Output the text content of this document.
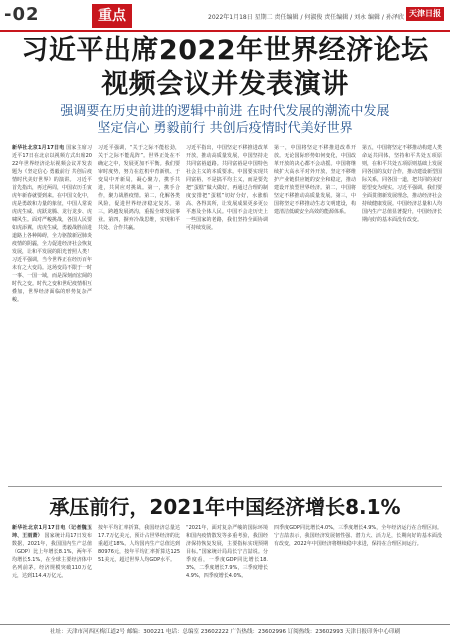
-02	重点	2022年1月18日 星期二 责任编辑 / 何淑俊 责任编辑 / 刘永 编辑 / 孙泽欣 天津日报
习近平出席2022年世界经济论坛
视频会议并发表演讲
强调要在历史前进的逻辑中前进 在时代发展的潮流中发展
坚定信心 勇毅前行 共创后疫情时代美好世界
新华社北京1月17日电 国家主席习近平17日在北京以视频方式出席2022年世界经济论坛视频会议并发表题为《坚定信心 勇毅前行 共创后疫情时代美好世界》的演讲。 习近平首先指出，再过两周，中国农历壬寅虎年新春就要到来。在中国文化中，虎是勇敢和力量的象征，中国人常说虎虎生威、虎跃龙腾、龙行龙步、虎啸风生。面对严峻挑战，各国人民要如虎添翼，虎虎生威，勇毅战胜前进道路上各种障碍，全力驱散新冠肺炎疫情的阴霾，全力促进经济社会恢复发展，让和平发展的阳光普照人类！习近平强调，当今世界正在经历百年未有之大变局。这场变局不限于一时一事、一国一域，而是深刻而宏阔的时代之变。时代之变和世纪疫情相互叠加，世界经济面临的形势复杂严峻。
习近平强调，“关于之际不能松劲，关于之际不能乱阵”。世界正处在不确定之中，发展更加不平衡。我们要审时度势，努力在危机中育新机、于变局中开新局，凝心聚力，携手共进，共同应对挑战。第一，携手合作，聚力战胜疫情。第二，化解各类风险，促进世界经济稳定复苏。第三，跨越发展鸿沟，重振全球发展事业。第四，摒弃冷战思维，实现和平共处、合作共赢。
习近平指出，中国坚定不移推进改革开放，推动高质量发展，中国坚持走共同富裕道路。共同富裕是中国特色社会主义的本质要求。中国要实现共同富裕，不是搞平均主义，而是要先把“蛋糕”做大做好，再通过合理的制度安排把“蛋糕”切好分好，水涨船高、各得其所，让发展成果更多更公平惠及全体人民。中国不会走历史上一些国家的老路，我们坚持全面协调可持续发展。
第一，中国将坚定不移推进改革开放。无论国际形势如何变化，中国改革开放的决心都不会动摇。中国将继续扩大高水平对外开放，坚定不移维护产业链供应链的安全和稳定，推动建设开放型世界经济。第二，中国将坚定不移推动高质量发展。第三，中国将坚定不移推动生态文明建设，构建清洁低碳安全高效的能源体系。
第五，中国将坚定不移推动构建人类命运共同体，坚持和平共处五项原则，在和平共处五项原则基础上发展同各国的友好合作，推动建设新型国际关系，同各国一道，把共同的美好愿望变为现实。习近平强调，我们要全面贯彻新发展理念，推动经济社会持续健康发展。中国经济总量和人均国内生产总值显著提升，中国经济长期向好的基本面没有改变。
承压前行，2021年中国经济增长8.1%
新华社北京1月17日电（记者魏玉坤、王雨萧） 国家统计局17日发布数据，2021年，我国国内生产总值（GDP）比上年增长8.1%，两年平均增长5.1%，在全球主要经济体中名列前茅。经济规模突破110万亿元，达到114.4万亿元。
按年平均汇率折算，我国经济总量达17.7万亿美元，预计占世界经济的比重超过18%。人均国内生产总值达到80976元，按年平均汇率折算达12551美元，超过世界人均GDP水平。
“2021年，面对复杂严峻的国际环境和国内疫情散发等多重考验，我国经济保持恢复发展，主要指标实现预期目标。”国家统计局局长宁吉喆说。分季度看，一季度GDP同比增长18.3%，二季度增长7.9%，三季度增长4.9%，四季度增长4.0%。
四季度GDP同比增长4.0%，三季度增长4.9%，全年经济运行在合理区间。宁吉喆表示，我国经济发展韧性强、潜力大、活力足，长期向好的基本面没有改变，2022年中国经济将继续稳中求进，保持在合理区间运行。
社址：天津市河西区梅江道2号 邮编：300221 电话：总编室 23602222 广告热线：23602996 订阅热线：23602993 天津日报印务中心印刷
